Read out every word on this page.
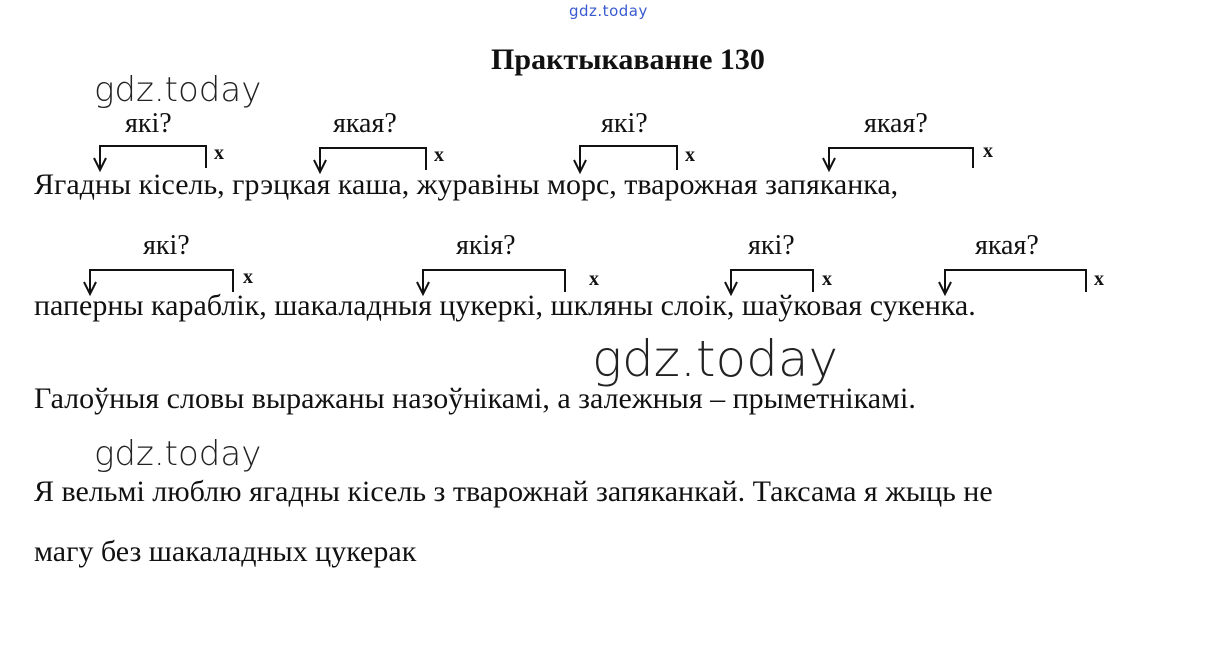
gdz.today
Практыкаванне 130
які?	якая?	які?	якая?
які?	якія?	які?	якая?
x	x	x	x
x	x	x	x
Ягадны кісель, грэцкая каша, журавіны морс, тварожная запяканка,
паперны караблік, шакаладныя цукеркі, шкляны слоік, шаўковая сукенка.
Галоўныя словы выражаны назоўнікамі, а залежныя – прыметнікамі.
Я вельмі люблю ягадны кісель з тварожнай запяканкай. Таксама я жыць не
магу без шакаладных цукерак
gdz.today
gdz.today
gdz.today
